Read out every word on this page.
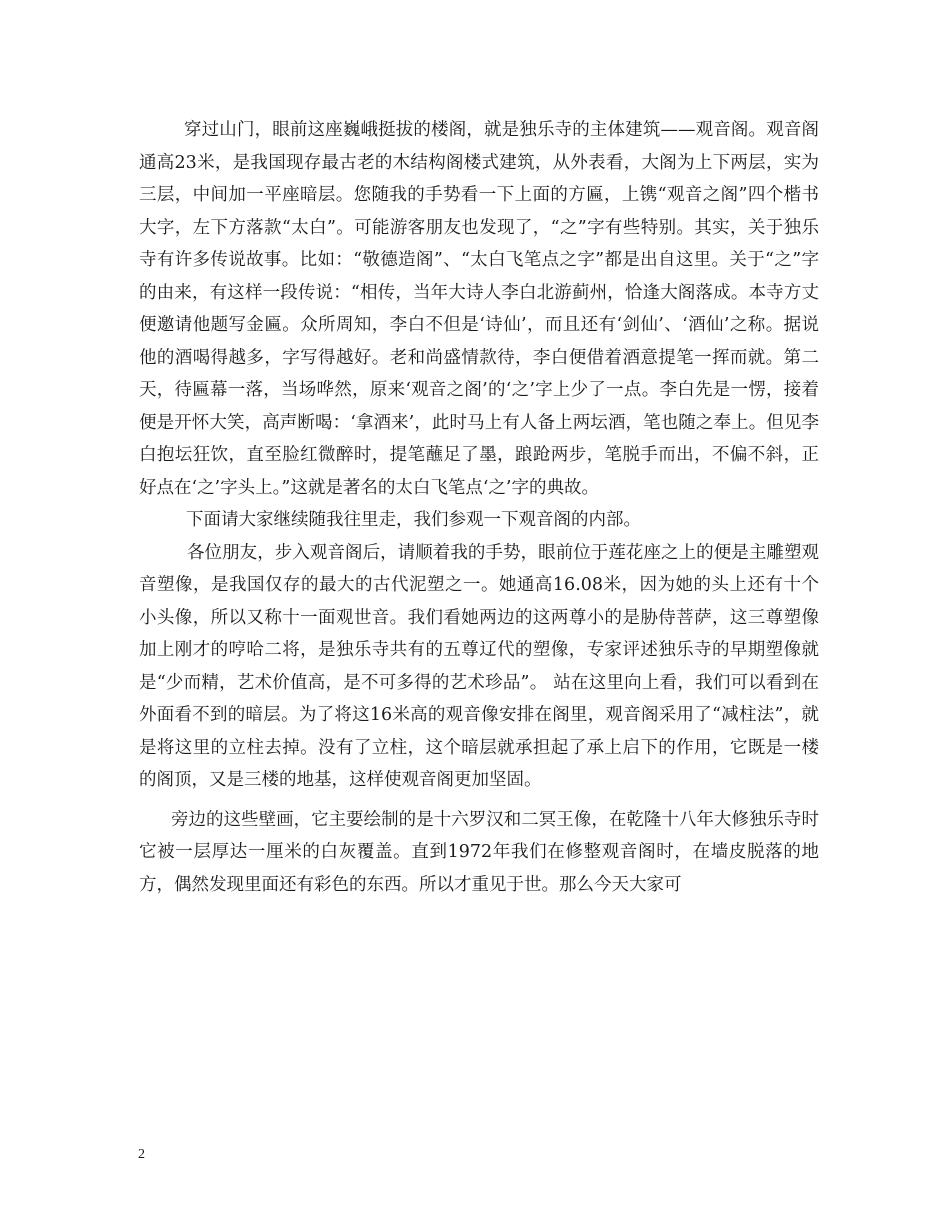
穿过山门，眼前这座巍峨挺拔的楼阁，就是独乐寺的主体建筑——观音阁。观音阁通高23米，是我国现存最古老的木结构阁楼式建筑，从外表看，大阁为上下两层，实为三层，中间加一平座暗层。您随我的手势看一下上面的方匾，上镌“观音之阁”四个楷书大字，左下方落款“太白”。可能游客朋友也发现了，“之”字有些特别。其实，关于独乐寺有许多传说故事。比如：“敬德造阁”、“太白飞笔点之字”都是出自这里。关于“之”字的由来，有这样一段传说：“相传，当年大诗人李白北游蓟州，恰逢大阁落成。本寺方丈便邀请他题写金匾。众所周知，李白不但是‘诗仙’，而且还有‘剑仙’、‘酒仙’之称。据说他的酒喝得越多，字写得越好。老和尚盛情款待，李白便借着酒意提笔一挥而就。第二天，待匾幕一落，当场哗然，原来‘观音之阁’的‘之’字上少了一点。李白先是一愣，接着便是开怀大笑，高声断喝：‘拿酒来’，此时马上有人备上两坛酒，笔也随之奉上。但见李白抱坛狂饮，直至脸红微醉时，提笔蘸足了墨，踉跄两步，笔脱手而出，不偏不斜，正好点在‘之’字头上。”这就是著名的太白飞笔点‘之’字的典故。

下面请大家继续随我往里走，我们参观一下观音阁的内部。

各位朋友，步入观音阁后，请顺着我的手势，眼前位于莲花座之上的便是主雕塑观音塑像，是我国仅存的最大的古代泥塑之一。她通高16.08米，因为她的头上还有十个小头像，所以又称十一面观世音。我们看她两边的这两尊小的是胁侍菩萨，这三尊塑像加上刚才的哼哈二将，是独乐寺共有的五尊辽代的塑像，专家评述独乐寺的早期塑像就是“少而精，艺术价值高，是不可多得的艺术珍品”。 站在这里向上看，我们可以看到在外面看不到的暗层。为了将这16米高的观音像安排在阁里，观音阁采用了“减柱法”，就是将这里的立柱去掉。没有了立柱，这个暗层就承担起了承上启下的作用，它既是一楼的阁顶，又是三楼的地基，这样使观音阁更加坚固。

旁边的这些壁画，它主要绘制的是十六罗汉和二冥王像，在乾隆十八年大修独乐寺时它被一层厚达一厘米的白灰覆盖。直到1972年我们在修整观音阁时，在墙皮脱落的地方，偶然发现里面还有彩色的东西。所以才重见于世。那么今天大家可

2
